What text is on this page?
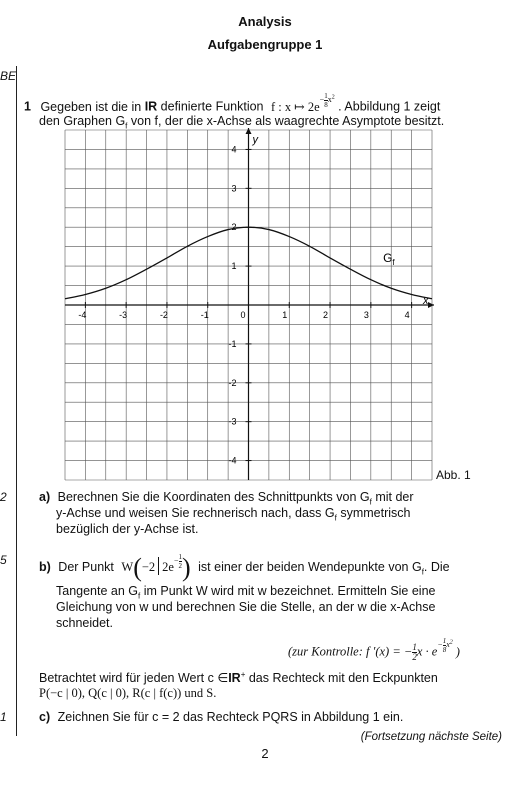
Analysis
Aufgabengruppe 1
BE
1 Gegeben ist die in IR definierte Funktion f : x ↦ $2e^{- \frac{1}{8} x^2}$ . Abbildung 1 zeigt
den Graphen $G_f$ von f, der die x-Achse als waagrechte Asymptote besitzt.
-4	-3	-2	-1	0	1	2	3	4
-4
-3
-2
-1
1
2
3
4
x
y
$G_f$
Abb. 1
2	a) Berechnen Sie die Koordinaten des Schnittpunkts von $G_f$ mit der
y-Achse und weisen Sie rechnerisch nach, dass $G_f$ symmetrisch
bezüglich der y-Achse ist.
5	b) Der Punkt W(−2 $2e^{- \frac{1}{2}}$ ) ist einer der beiden Wendepunkte von $G_f$. Die
Tangente an $G_f$ im Punkt W wird mit w bezeichnet. Ermitteln Sie eine
Gleichung von w und berechnen Sie die Stelle, an der w die x-Achse
schneidet.
(zur Kontrolle: f ′(x) = − $\frac{1}{2}$ $x \cdot e^{- \frac{1}{8} x^2}$)
Betrachtet wird für jeden Wert c ∈IR+ das Rechteck mit den Eckpunkten
P(−c | 0), Q(c | 0), R(c | f(c)) und S.
1	c) Zeichnen Sie für c = 2 das Rechteck PQRS in Abbildung 1 ein.
(Fortsetzung nächste Seite)
2
